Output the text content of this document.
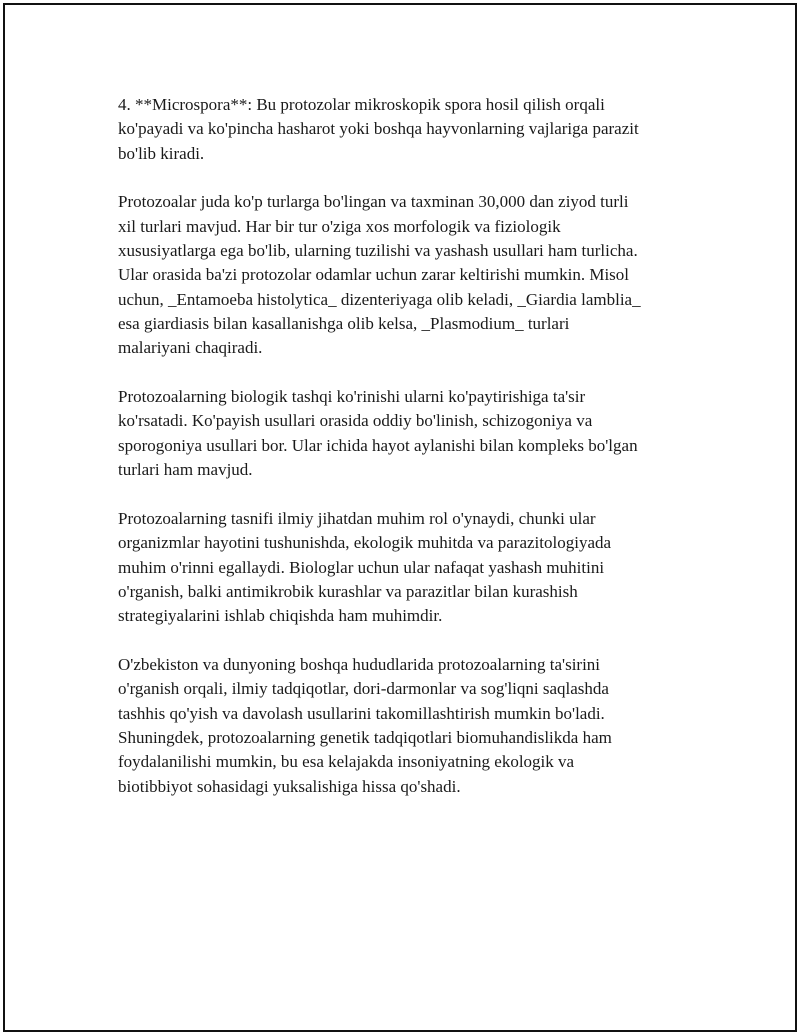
4. **Microspora**: Bu protozolar mikroskopik spora hosil qilish orqali
ko'payadi va ko'pincha hasharot yoki boshqa hayvonlarning vajlariga parazit
bo'lib kiradi.

Protozoalar juda ko'p turlarga bo'lingan va taxminan 30,000 dan ziyod turli
xil turlari mavjud. Har bir tur o'ziga xos morfologik va fiziologik
xususiyatlarga ega bo'lib, ularning tuzilishi va yashash usullari ham turlicha.
Ular orasida ba'zi protozolar odamlar uchun zarar keltirishi mumkin. Misol
uchun, _Entamoeba histolytica_ dizenteriyaga olib keladi, _Giardia lamblia_
esa giardiasis bilan kasallanishga olib kelsa, _Plasmodium_ turlari
malariyani chaqiradi.

Protozoalarning biologik tashqi ko'rinishi ularni ko'paytirishiga ta'sir
ko'rsatadi. Ko'payish usullari orasida oddiy bo'linish, schizogoniya va
sporogoniya usullari bor. Ular ichida hayot aylanishi bilan kompleks bo'lgan
turlari ham mavjud.

Protozoalarning tasnifi ilmiy jihatdan muhim rol o'ynaydi, chunki ular
organizmlar hayotini tushunishda, ekologik muhitda va parazitologiyada
muhim o'rinni egallaydi. Biologlar uchun ular nafaqat yashash muhitini
o'rganish, balki antimikrobik kurashlar va parazitlar bilan kurashish
strategiyalarini ishlab chiqishda ham muhimdir.

O'zbekiston va dunyoning boshqa hududlarida protozoalarning ta'sirini
o'rganish orqali, ilmiy tadqiqotlar, dori-darmonlar va sog'liqni saqlashda
tashhis qo'yish va davolash usullarini takomillashtirish mumkin bo'ladi.
Shuningdek, protozoalarning genetik tadqiqotlari biomuhandislikda ham
foydalanilishi mumkin, bu esa kelajakda insoniyatning ekologik va
biotibbiyot sohasidagi yuksalishiga hissa qo'shadi.
